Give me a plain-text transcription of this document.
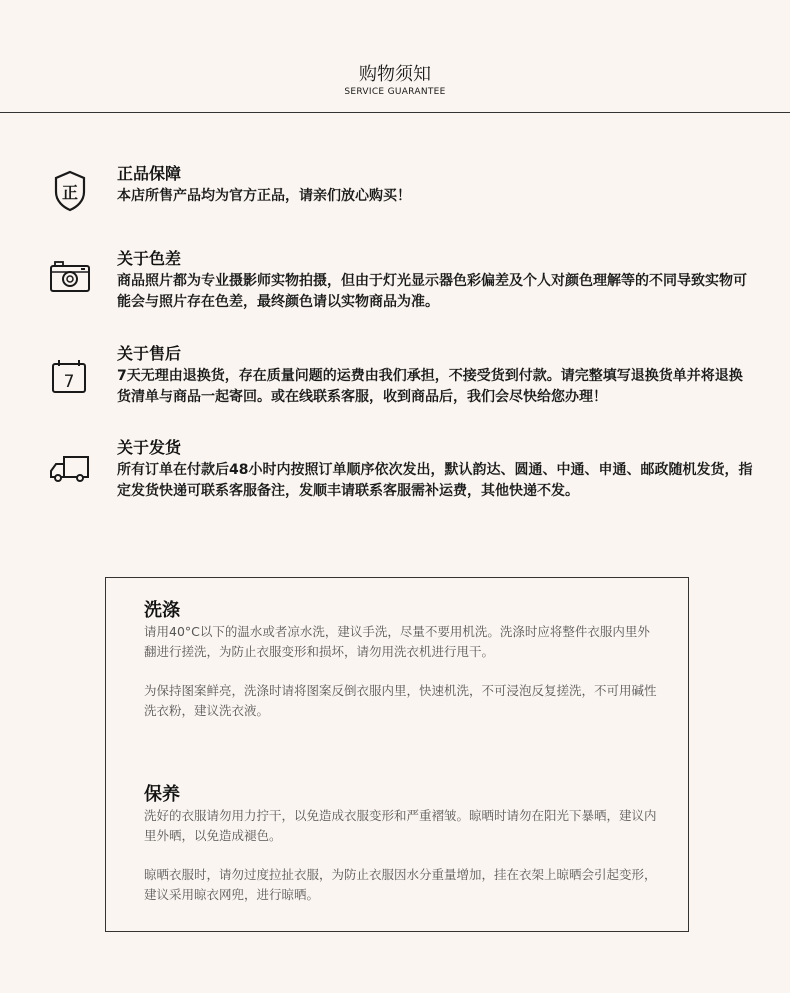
购物须知
SERVICE GUARANTEE
正
正品保障
本店所售产品均为官方正品，请亲们放心购买！
关于色差
商品照片都为专业摄影师实物拍摄，但由于灯光显示器色彩偏差及个人对颜色理解等的不同导致实物可能会与照片存在色差，最终颜色请以实物商品为准。
7
关于售后
7天无理由退换货，存在质量问题的运费由我们承担，不接受货到付款。请完整填写退换货单并将退换货清单与商品一起寄回。或在线联系客服，收到商品后，我们会尽快给您办理！
关于发货
所有订单在付款后48小时内按照订单顺序依次发出，默认韵达、圆通、中通、申通、邮政随机发货，指定发货快递可联系客服备注，发顺丰请联系客服需补运费，其他快递不发。
洗涤
请用40°C以下的温水或者凉水洗，建议手洗，尽量不要用机洗。洗涤时应将整件衣服内里外翻进行搓洗，为防止衣服变形和损坏，请勿用洗衣机进行甩干。
为保持图案鲜亮，洗涤时请将图案反倒衣服内里，快速机洗，不可浸泡反复搓洗，不可用碱性洗衣粉，建议洗衣液。
保养
洗好的衣服请勿用力拧干，以免造成衣服变形和严重褶皱。晾晒时请勿在阳光下暴晒，建议内里外晒，以免造成褪色。
晾晒衣服时，请勿过度拉扯衣服，为防止衣服因水分重量增加，挂在衣架上晾晒会引起变形，建议采用晾衣网兜，进行晾晒。
